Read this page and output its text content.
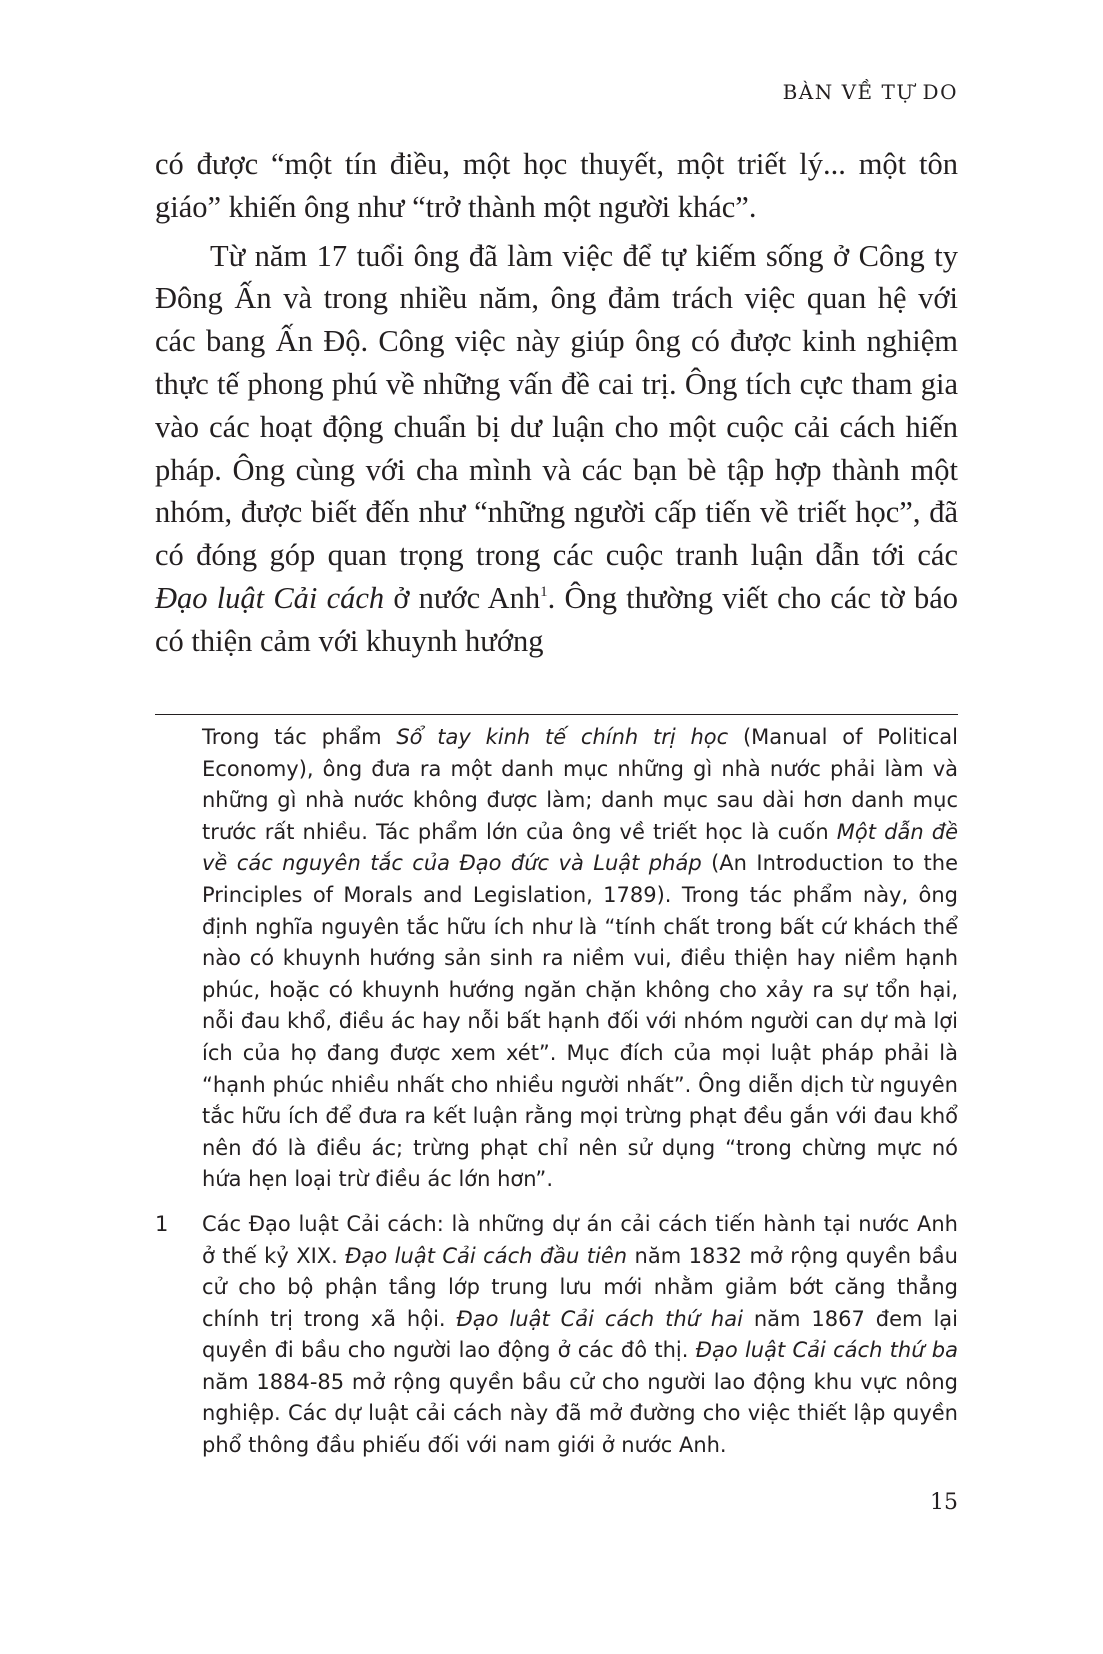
BÀN VỀ TỰ DO

có được “một tín điều, một học thuyết, một triết lý... một tôn giáo” khiến ông như “trở thành một người khác”.

Từ năm 17 tuổi ông đã làm việc để tự kiếm sống ở Công ty Đông Ấn và trong nhiều năm, ông đảm trách việc quan hệ với các bang Ấn Độ. Công việc này giúp ông có được kinh nghiệm thực tế phong phú về những vấn đề cai trị. Ông tích cực tham gia vào các hoạt động chuẩn bị dư luận cho một cuộc cải cách hiến pháp. Ông cùng với cha mình và các bạn bè tập hợp thành một nhóm, được biết đến như “những người cấp tiến về triết học”, đã có đóng góp quan trọng trong các cuộc tranh luận dẫn tới các Đạo luật Cải cách ở nước Anh$^1$. Ông thường viết cho các tờ báo có thiện cảm với khuynh hướng

Trong tác phẩm Sổ tay kinh tế chính trị học (Manual of Political Economy), ông đưa ra một danh mục những gì nhà nước phải làm và những gì nhà nước không được làm; danh mục sau dài hơn danh mục trước rất nhiều. Tác phẩm lớn của ông về triết học là cuốn Một dẫn đề về các nguyên tắc của Đạo đức và Luật pháp (An Introduction to the Principles of Morals and Legislation, 1789). Trong tác phẩm này, ông định nghĩa nguyên tắc hữu ích như là “tính chất trong bất cứ khách thể nào có khuynh hướng sản sinh ra niềm vui, điều thiện hay niềm hạnh phúc, hoặc có khuynh hướng ngăn chặn không cho xảy ra sự tổn hại, nỗi đau khổ, điều ác hay nỗi bất hạnh đối với nhóm người can dự mà lợi ích của họ đang được xem xét”. Mục đích của mọi luật pháp phải là “hạnh phúc nhiều nhất cho nhiều người nhất”. Ông diễn dịch từ nguyên tắc hữu ích để đưa ra kết luận rằng mọi trừng phạt đều gắn với đau khổ nên đó là điều ác; trừng phạt chỉ nên sử dụng “trong chừng mực nó hứa hẹn loại trừ điều ác lớn hơn”.
1 Các Đạo luật Cải cách: là những dự án cải cách tiến hành tại nước Anh ở thế kỷ XIX. Đạo luật Cải cách đầu tiên năm 1832 mở rộng quyền bầu cử cho bộ phận tầng lớp trung lưu mới nhằm giảm bớt căng thẳng chính trị trong xã hội. Đạo luật Cải cách thứ hai năm 1867 đem lại quyền đi bầu cho người lao động ở các đô thị. Đạo luật Cải cách thứ ba năm 1884-85 mở rộng quyền bầu cử cho người lao động khu vực nông nghiệp. Các dự luật cải cách này đã mở đường cho việc thiết lập quyền phổ thông đầu phiếu đối với nam giới ở nước Anh.
15
